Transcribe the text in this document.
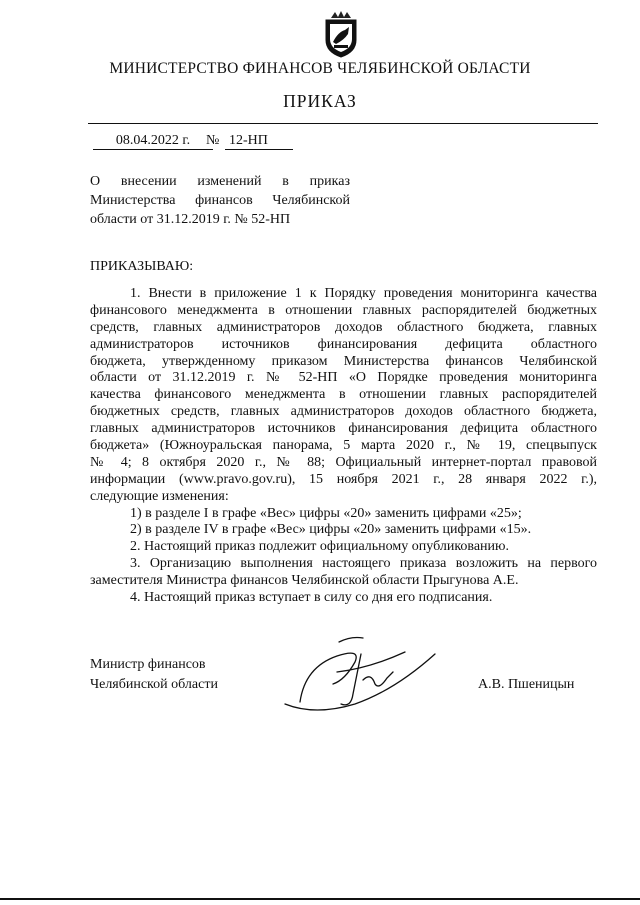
МИНИСТЕРСТВО ФИНАНСОВ ЧЕЛЯБИНСКОЙ ОБЛАСТИ
ПРИКАЗ
08.04.2022 г.	№ 12-НП
О внесении изменений в приказ
Министерства финансов Челябинской
области от 31.12.2019 г. № 52-НП
ПРИКАЗЫВАЮ:
1. Внести в приложение 1 к Порядку проведения мониторинга качества
финансового менеджмента в отношении главных распорядителей бюджетных
средств, главных администраторов доходов областного бюджета, главных
администраторов источников финансирования дефицита областного
бюджета, утвержденному приказом Министерства финансов Челябинской
области от 31.12.2019 г. № 52-НП «О Порядке проведения мониторинга
качества финансового менеджмента в отношении главных распорядителей
бюджетных средств, главных администраторов доходов областного бюджета,
главных администраторов источников финансирования дефицита областного
бюджета» (Южноуральская панорама, 5 марта 2020 г., № 19, спецвыпуск
№ 4; 8 октября 2020 г., № 88; Официальный интернет-портал правовой
информации (www.pravo.gov.ru), 15 ноября 2021 г., 28 января 2022 г.),
следующие изменения:
1) в разделе I в графе «Вес» цифры «20» заменить цифрами «25»;
2) в разделе IV в графе «Вес» цифры «20» заменить цифрами «15».
2. Настоящий приказ подлежит официальному опубликованию.
3. Организацию выполнения настоящего приказа возложить на первого
заместителя Министра финансов Челябинской области Прыгунова А.Е.
4. Настоящий приказ вступает в силу со дня его подписания.
Министр финансов
Челябинской области	А.В. Пшеницын
